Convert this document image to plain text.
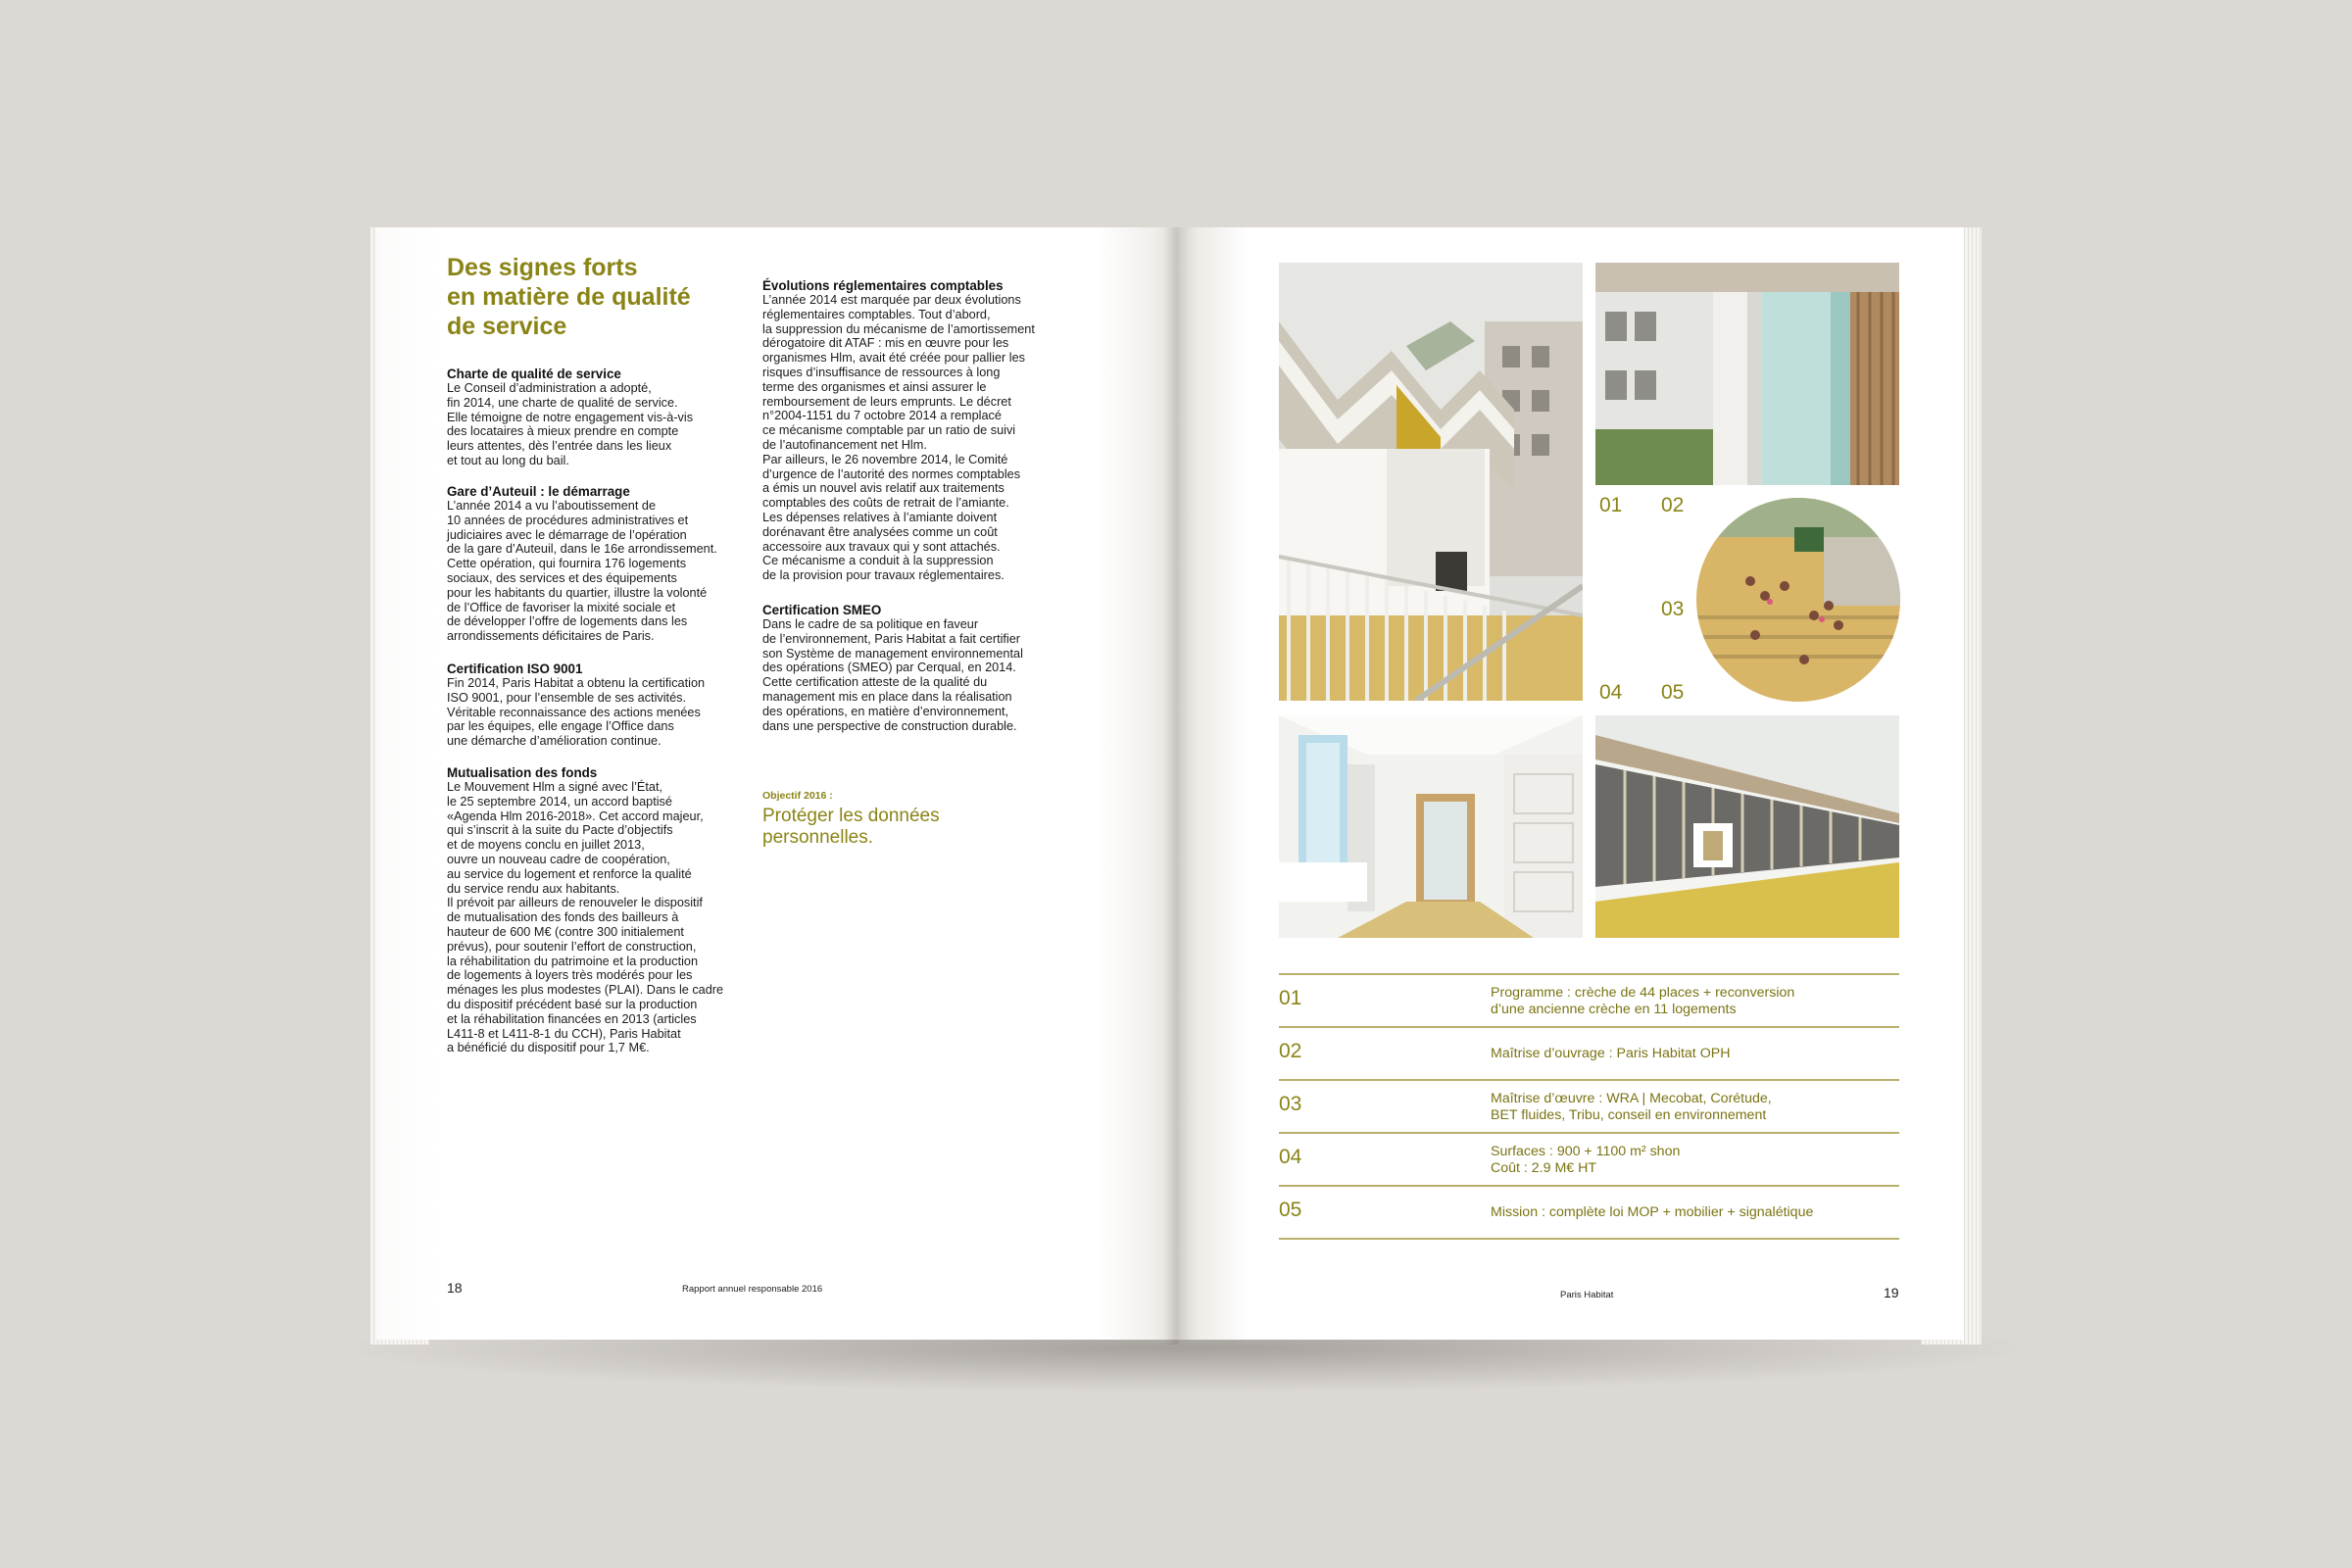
Des signes forts
en matière de qualité
de service
Charte de qualité de service

Le Conseil d’administration a adopté,
fin 2014, une charte de qualité de service.
Elle témoigne de notre engagement vis-à-vis
des locataires à mieux prendre en compte
leurs attentes, dès l’entrée dans les lieux
et tout au long du bail.

Gare d’Auteuil : le démarrage

L’année 2014 a vu l’aboutissement de
10 années de procédures administratives et
judiciaires avec le démarrage de l’opération
de la gare d’Auteuil, dans le 16e arrondissement.
Cette opération, qui fournira 176 logements
sociaux, des services et des équipements
pour les habitants du quartier, illustre la volonté
de l’Office de favoriser la mixité sociale et
de développer l’offre de logements dans les
arrondissements déficitaires de Paris.

Certification ISO 9001

Fin 2014, Paris Habitat a obtenu la certification
ISO 9001, pour l’ensemble de ses activités.
Véritable reconnaissance des actions menées
par les équipes, elle engage l’Office dans
une démarche d’amélioration continue.

Mutualisation des fonds

Le Mouvement Hlm a signé avec l’État,
le 25 septembre 2014, un accord baptisé
«Agenda Hlm 2016-2018». Cet accord majeur,
qui s’inscrit à la suite du Pacte d’objectifs
et de moyens conclu en juillet 2013,
ouvre un nouveau cadre de coopération,
au service du logement et renforce la qualité
du service rendu aux habitants.
Il prévoit par ailleurs de renouveler le dispositif
de mutualisation des fonds des bailleurs à
hauteur de 600 M€ (contre 300 initialement
prévus), pour soutenir l’effort de construction,
la réhabilitation du patrimoine et la production
de logements à loyers très modérés pour les
ménages les plus modestes (PLAI). Dans le cadre
du dispositif précédent basé sur la production
et la réhabilitation financées en 2013 (articles
L411-8 et L411-8-1 du CCH), Paris Habitat
a bénéficié du dispositif pour 1,7 M€.

Évolutions réglementaires comptables

L’année 2014 est marquée par deux évolutions
réglementaires comptables. Tout d’abord,
la suppression du mécanisme de l’amortissement
dérogatoire dit ATAF : mis en œuvre pour les
organismes Hlm, avait été créée pour pallier les
risques d’insuffisance de ressources à long
terme des organismes et ainsi assurer le
remboursement de leurs emprunts. Le décret
n°2004-1151 du 7 octobre 2014 a remplacé
ce mécanisme comptable par un ratio de suivi
de l’autofinancement net Hlm.
Par ailleurs, le 26 novembre 2014, le Comité
d’urgence de l’autorité des normes comptables
a émis un nouvel avis relatif aux traitements
comptables des coûts de retrait de l’amiante.
Les dépenses relatives à l’amiante doivent
dorénavant être analysées comme un coût
accessoire aux travaux qui y sont attachés.
Ce mécanisme a conduit à la suppression
de la provision pour travaux réglementaires.

Certification SMEO

Dans le cadre de sa politique en faveur
de l’environnement, Paris Habitat a fait certifier
son Système de management environnemental
des opérations (SMEO) par Cerqual, en 2014.
Cette certification atteste de la qualité du
management mis en place dans la réalisation
des opérations, en matière d’environnement,
dans une perspective de construction durable.

Objectif 2016 :
Protéger les données
personnelles.
18	Rapport annuel responsable 2016
01 02
03
04 05
01	Programme : crèche de 44 places + reconversion
d’une ancienne crèche en 11 logements
02	Maîtrise d’ouvrage : Paris Habitat OPH
03	Maîtrise d’œuvre : WRA | Mecobat, Corétude,
BET fluides, Tribu, conseil en environnement
04	Surfaces : 900 + 1100 m² shon
Coût : 2.9 M€ HT
05	Mission : complète loi MOP + mobilier + signalétique
Paris Habitat	19
